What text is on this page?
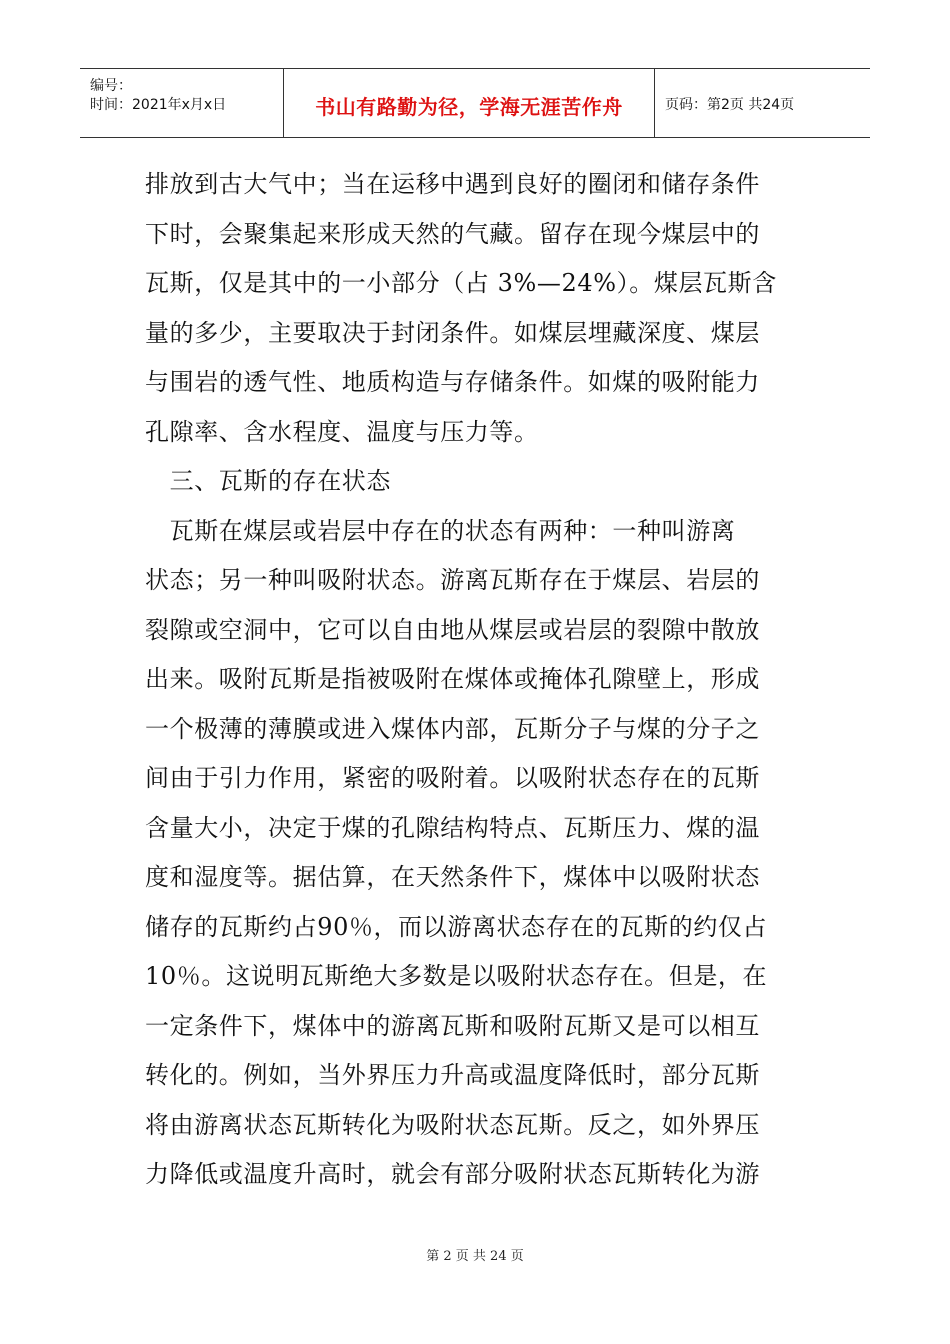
编号：
时间：2021年x月x日	书山有路勤为径，学海无涯苦作舟	页码：第2页 共24页
排放到古大气中；当在运移中遇到良好的圈闭和储存条件
下时，会聚集起来形成天然的气藏。留存在现今煤层中的
瓦斯，仅是其中的一小部分（占 3%—24%）。煤层瓦斯含
量的多少，主要取决于封闭条件。如煤层埋藏深度、煤层
与围岩的透气性、地质构造与存储条件。如煤的吸附能力
孔隙率、含水程度、温度与压力等。
　三、瓦斯的存在状态
　瓦斯在煤层或岩层中存在的状态有两种：一种叫游离
状态；另一种叫吸附状态。游离瓦斯存在于煤层、岩层的
裂隙或空洞中，它可以自由地从煤层或岩层的裂隙中散放
出来。吸附瓦斯是指被吸附在煤体或掩体孔隙壁上，形成
一个极薄的薄膜或进入煤体内部，瓦斯分子与煤的分子之
间由于引力作用，紧密的吸附着。以吸附状态存在的瓦斯
含量大小，决定于煤的孔隙结构特点、瓦斯压力、煤的温
度和湿度等。据估算，在天然条件下，煤体中以吸附状态
储存的瓦斯约占90％，而以游离状态存在的瓦斯的约仅占
10％。这说明瓦斯绝大多数是以吸附状态存在。但是，在
一定条件下，煤体中的游离瓦斯和吸附瓦斯又是可以相互
转化的。例如，当外界压力升高或温度降低时，部分瓦斯
将由游离状态瓦斯转化为吸附状态瓦斯。反之，如外界压
力降低或温度升高时，就会有部分吸附状态瓦斯转化为游
第 2 页 共 24 页
